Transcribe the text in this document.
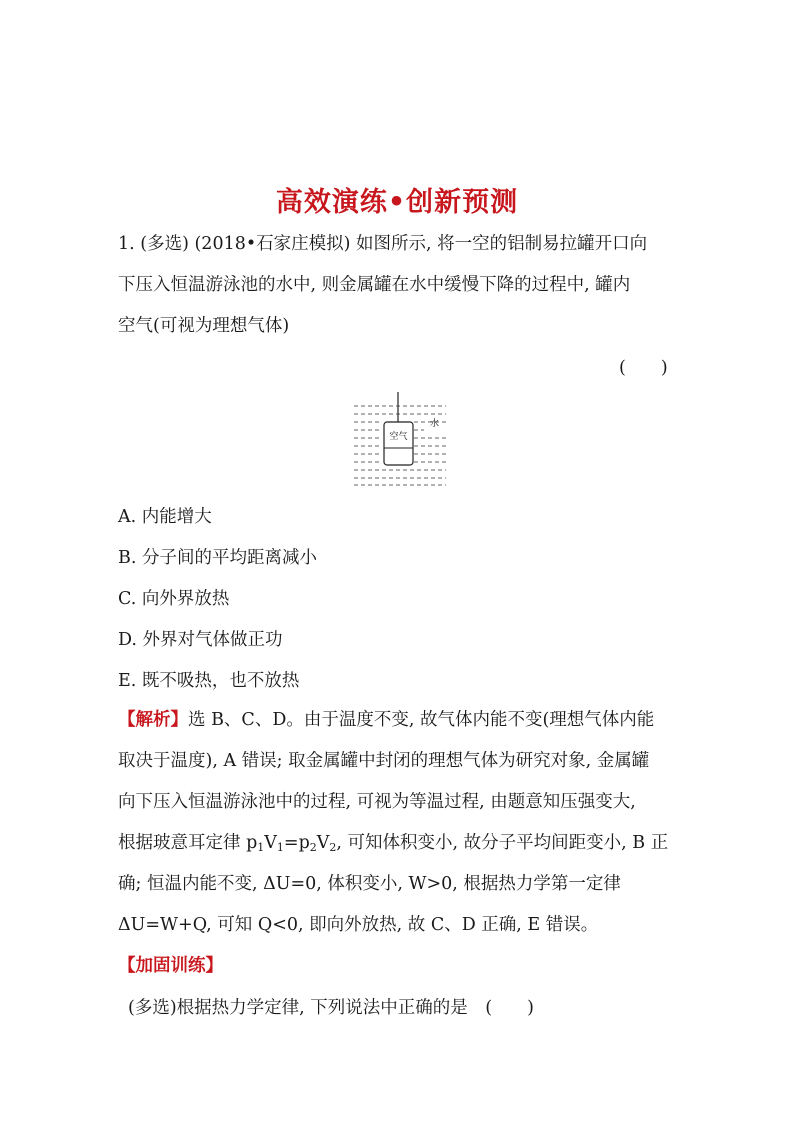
高效演练•创新预测
1. (多选) (2018•石家庄模拟) 如图所示, 将一空的铝制易拉罐开口向
下压入恒温游泳池的水中, 则金属罐在水中缓慢下降的过程中, 罐内
空气(可视为理想气体)
(　　)
空气
水
A. 内能增大
B. 分子间的平均距离减小
C. 向外界放热
D. 外界对气体做正功
E. 既不吸热，也不放热
【解析】选 B、C、D。由于温度不变, 故气体内能不变(理想气体内能
取决于温度), A 错误; 取金属罐中封闭的理想气体为研究对象, 金属罐
向下压入恒温游泳池中的过程, 可视为等温过程, 由题意知压强变大,
根据玻意耳定律 $p_1V_1=p_2V_2$, 可知体积变小, 故分子平均间距变小, B 正
确; 恒温内能不变, ΔU=0, 体积变小, W>0, 根据热力学第一定律
ΔU=W+Q, 可知 Q<0, 即向外放热, 故 C、D 正确, E 错误。
【加固训练】
(多选)根据热力学定律, 下列说法中正确的是　(　　)
